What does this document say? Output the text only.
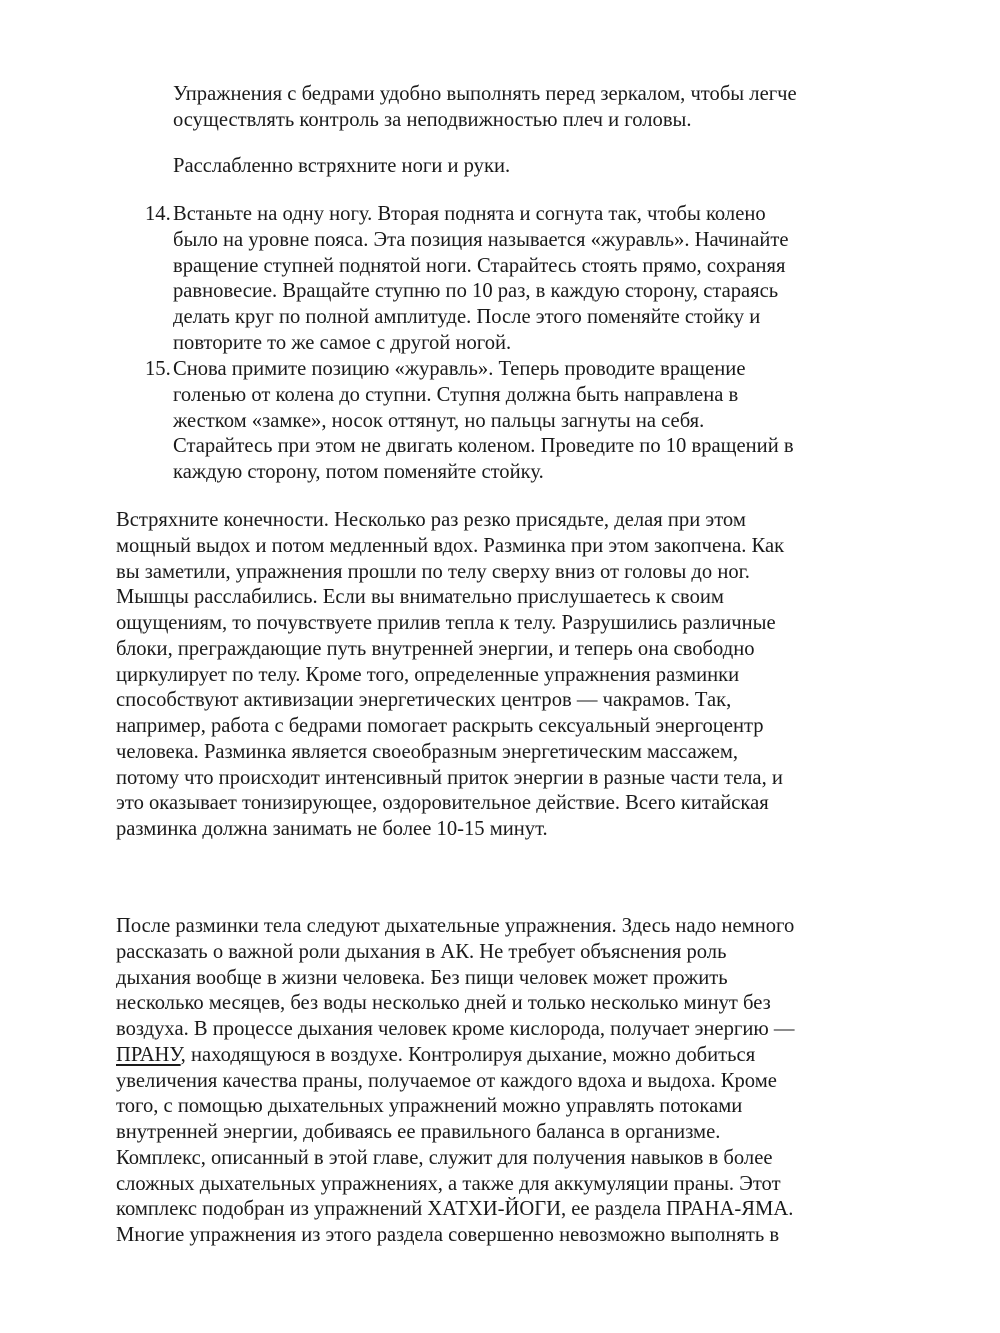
Упражнения с бедрами удобно выполнять перед зеркалом, чтобы легче
осуществлять контроль за неподвижностью плеч и головы.
Расслабленно встряхните ноги и руки.
14. Встаньте на одну ногу. Вторая поднята и согнута так, чтобы колено
было на уровне пояса. Эта позиция называется «журавль». Начинайте
вращение ступней поднятой ноги. Старайтесь стоять прямо, сохраняя
равновесие. Вращайте ступню по 10 раз, в каждую сторону, стараясь
делать круг по полной амплитуде. После этого поменяйте стойку и
повторите то же самое с другой ногой.
15. Снова примите позицию «журавль». Теперь проводите вращение
голенью от колена до ступни. Ступня должна быть направлена в
жестком «замке», носок оттянут, но пальцы загнуты на себя.
Старайтесь при этом не двигать коленом. Проведите по 10 вращений в
каждую сторону, потом поменяйте стойку.
Встряхните конечности. Несколько раз резко присядьте, делая при этом
мощный выдох и потом медленный вдох. Разминка при этом закопчена. Как
вы заметили, упражнения прошли по телу сверху вниз от головы до ног.
Мышцы расслабились. Если вы внимательно прислушаетесь к своим
ощущениям, то почувствуете прилив тепла к телу. Разрушились различные
блоки, преграждающие путь внутренней энергии, и теперь она свободно
циркулирует по телу. Кроме того, определенные упражнения разминки
способствуют активизации энергетических центров — чакрамов. Так,
например, работа с бедрами помогает раскрыть сексуальный энергоцентр
человека. Разминка является своеобразным энергетическим массажем,
потому что происходит интенсивный приток энергии в разные части тела, и
это оказывает тонизирующее, оздоровительное действие. Всего китайская
разминка должна занимать не более 10-15 минут.
После разминки тела следуют дыхательные упражнения. Здесь надо немного
рассказать о важной роли дыхания в АК. Не требует объяснения роль
дыхания вообще в жизни человека. Без пищи человек может прожить
несколько месяцев, без воды несколько дней и только несколько минут без
воздуха. В процессе дыхания человек кроме кислорода, получает энергию —
ПРАНУ, находящуюся в воздухе. Контролируя дыхание, можно добиться
увеличения качества праны, получаемое от каждого вдоха и выдоха. Кроме
того, с помощью дыхательных упражнений можно управлять потоками
внутренней энергии, добиваясь ее правильного баланса в организме.
Комплекс, описанный в этой главе, служит для получения навыков в более
сложных дыхательных упражнениях, а также для аккумуляции праны. Этот
комплекс подобран из упражнений ХАТХИ-ЙОГИ, ее раздела ПРАНА-ЯМА.
Многие упражнения из этого раздела совершенно невозможно выполнять в
